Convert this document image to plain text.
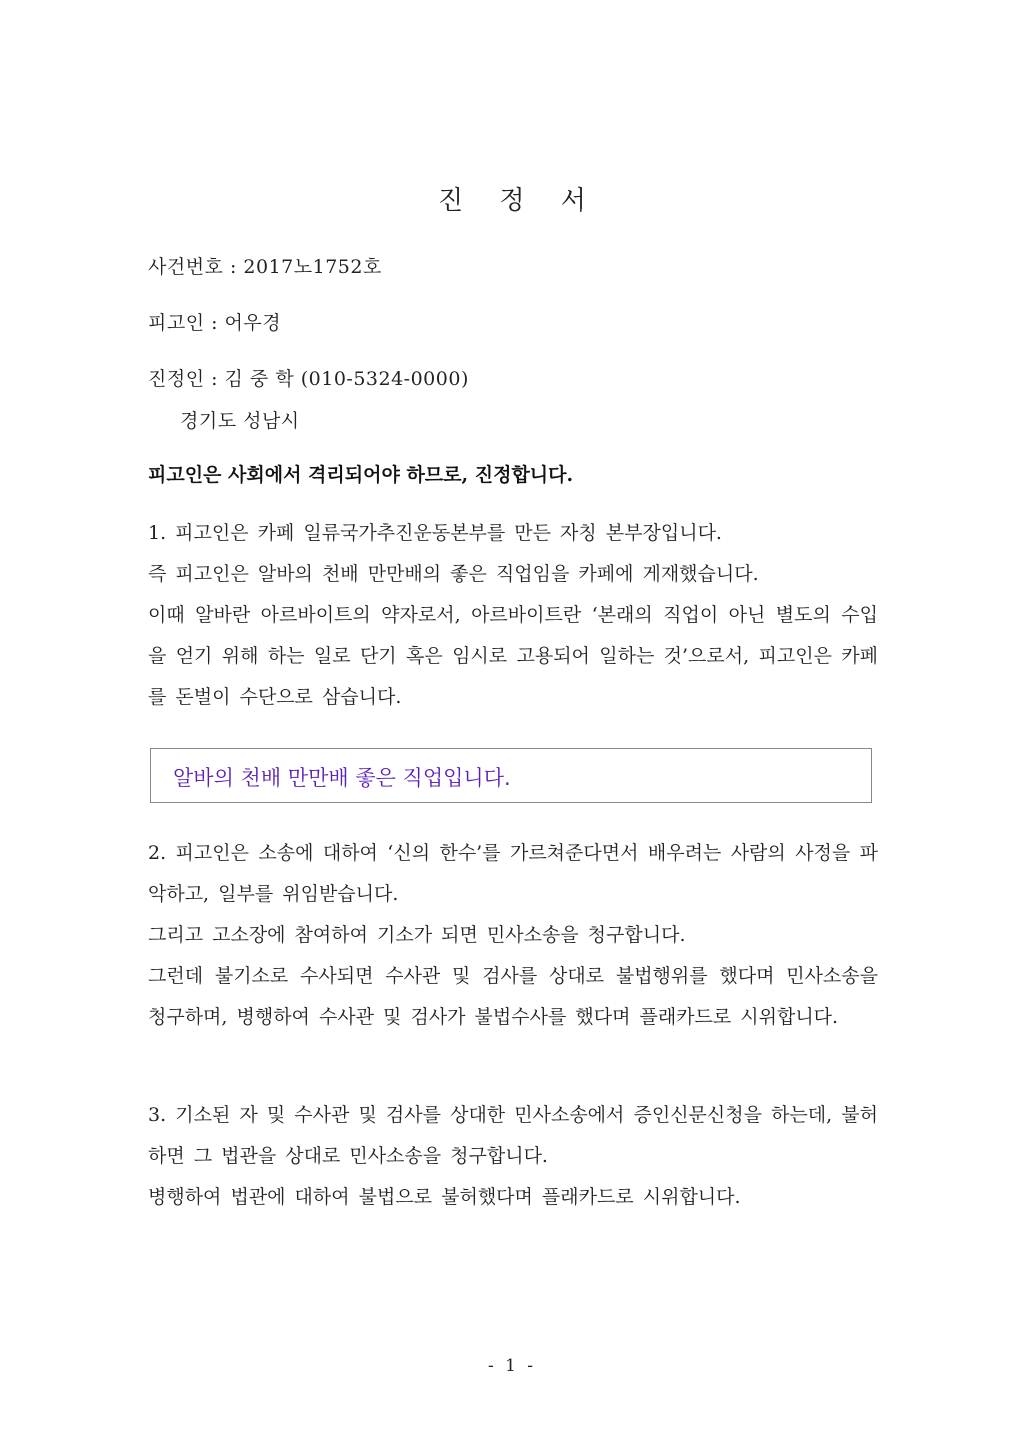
진 정 서
사건번호 : 2017노1752호
피고인 : 어우경
진정인 : 김 중 학 (010-5324-0000)
경기도 성남시
피고인은 사회에서 격리되어야 하므로, 진정합니다.
1. 피고인은 카페 일류국가추진운동본부를 만든 자칭 본부장입니다.
즉 피고인은 알바의 천배 만만배의 좋은 직업임을 카페에 게재했습니다.
이때 알바란 아르바이트의 약자로서, 아르바이트란 ‘본래의 직업이 아닌 별도의 수입을 얻기 위해 하는 일로 단기 혹은 임시로 고용되어 일하는 것’으로서, 피고인은 카페를 돈벌이 수단으로 삼습니다.
알바의 천배 만만배 좋은 직업입니다.
2. 피고인은 소송에 대하여 ‘신의 한수’를 가르쳐준다면서 배우려는 사람의 사정을 파악하고, 일부를 위임받습니다.
그리고 고소장에 참여하여 기소가 되면 민사소송을 청구합니다.
그런데 불기소로 수사되면 수사관 및 검사를 상대로 불법행위를 했다며 민사소송을 청구하며, 병행하여 수사관 및 검사가 불법수사를 했다며 플래카드로 시위합니다.
3. 기소된 자 및 수사관 및 검사를 상대한 민사소송에서 증인신문신청을 하는데, 불허하면 그 법관을 상대로 민사소송을 청구합니다.
병행하여 법관에 대하여 불법으로 불허했다며 플래카드로 시위합니다.
- 1 -
